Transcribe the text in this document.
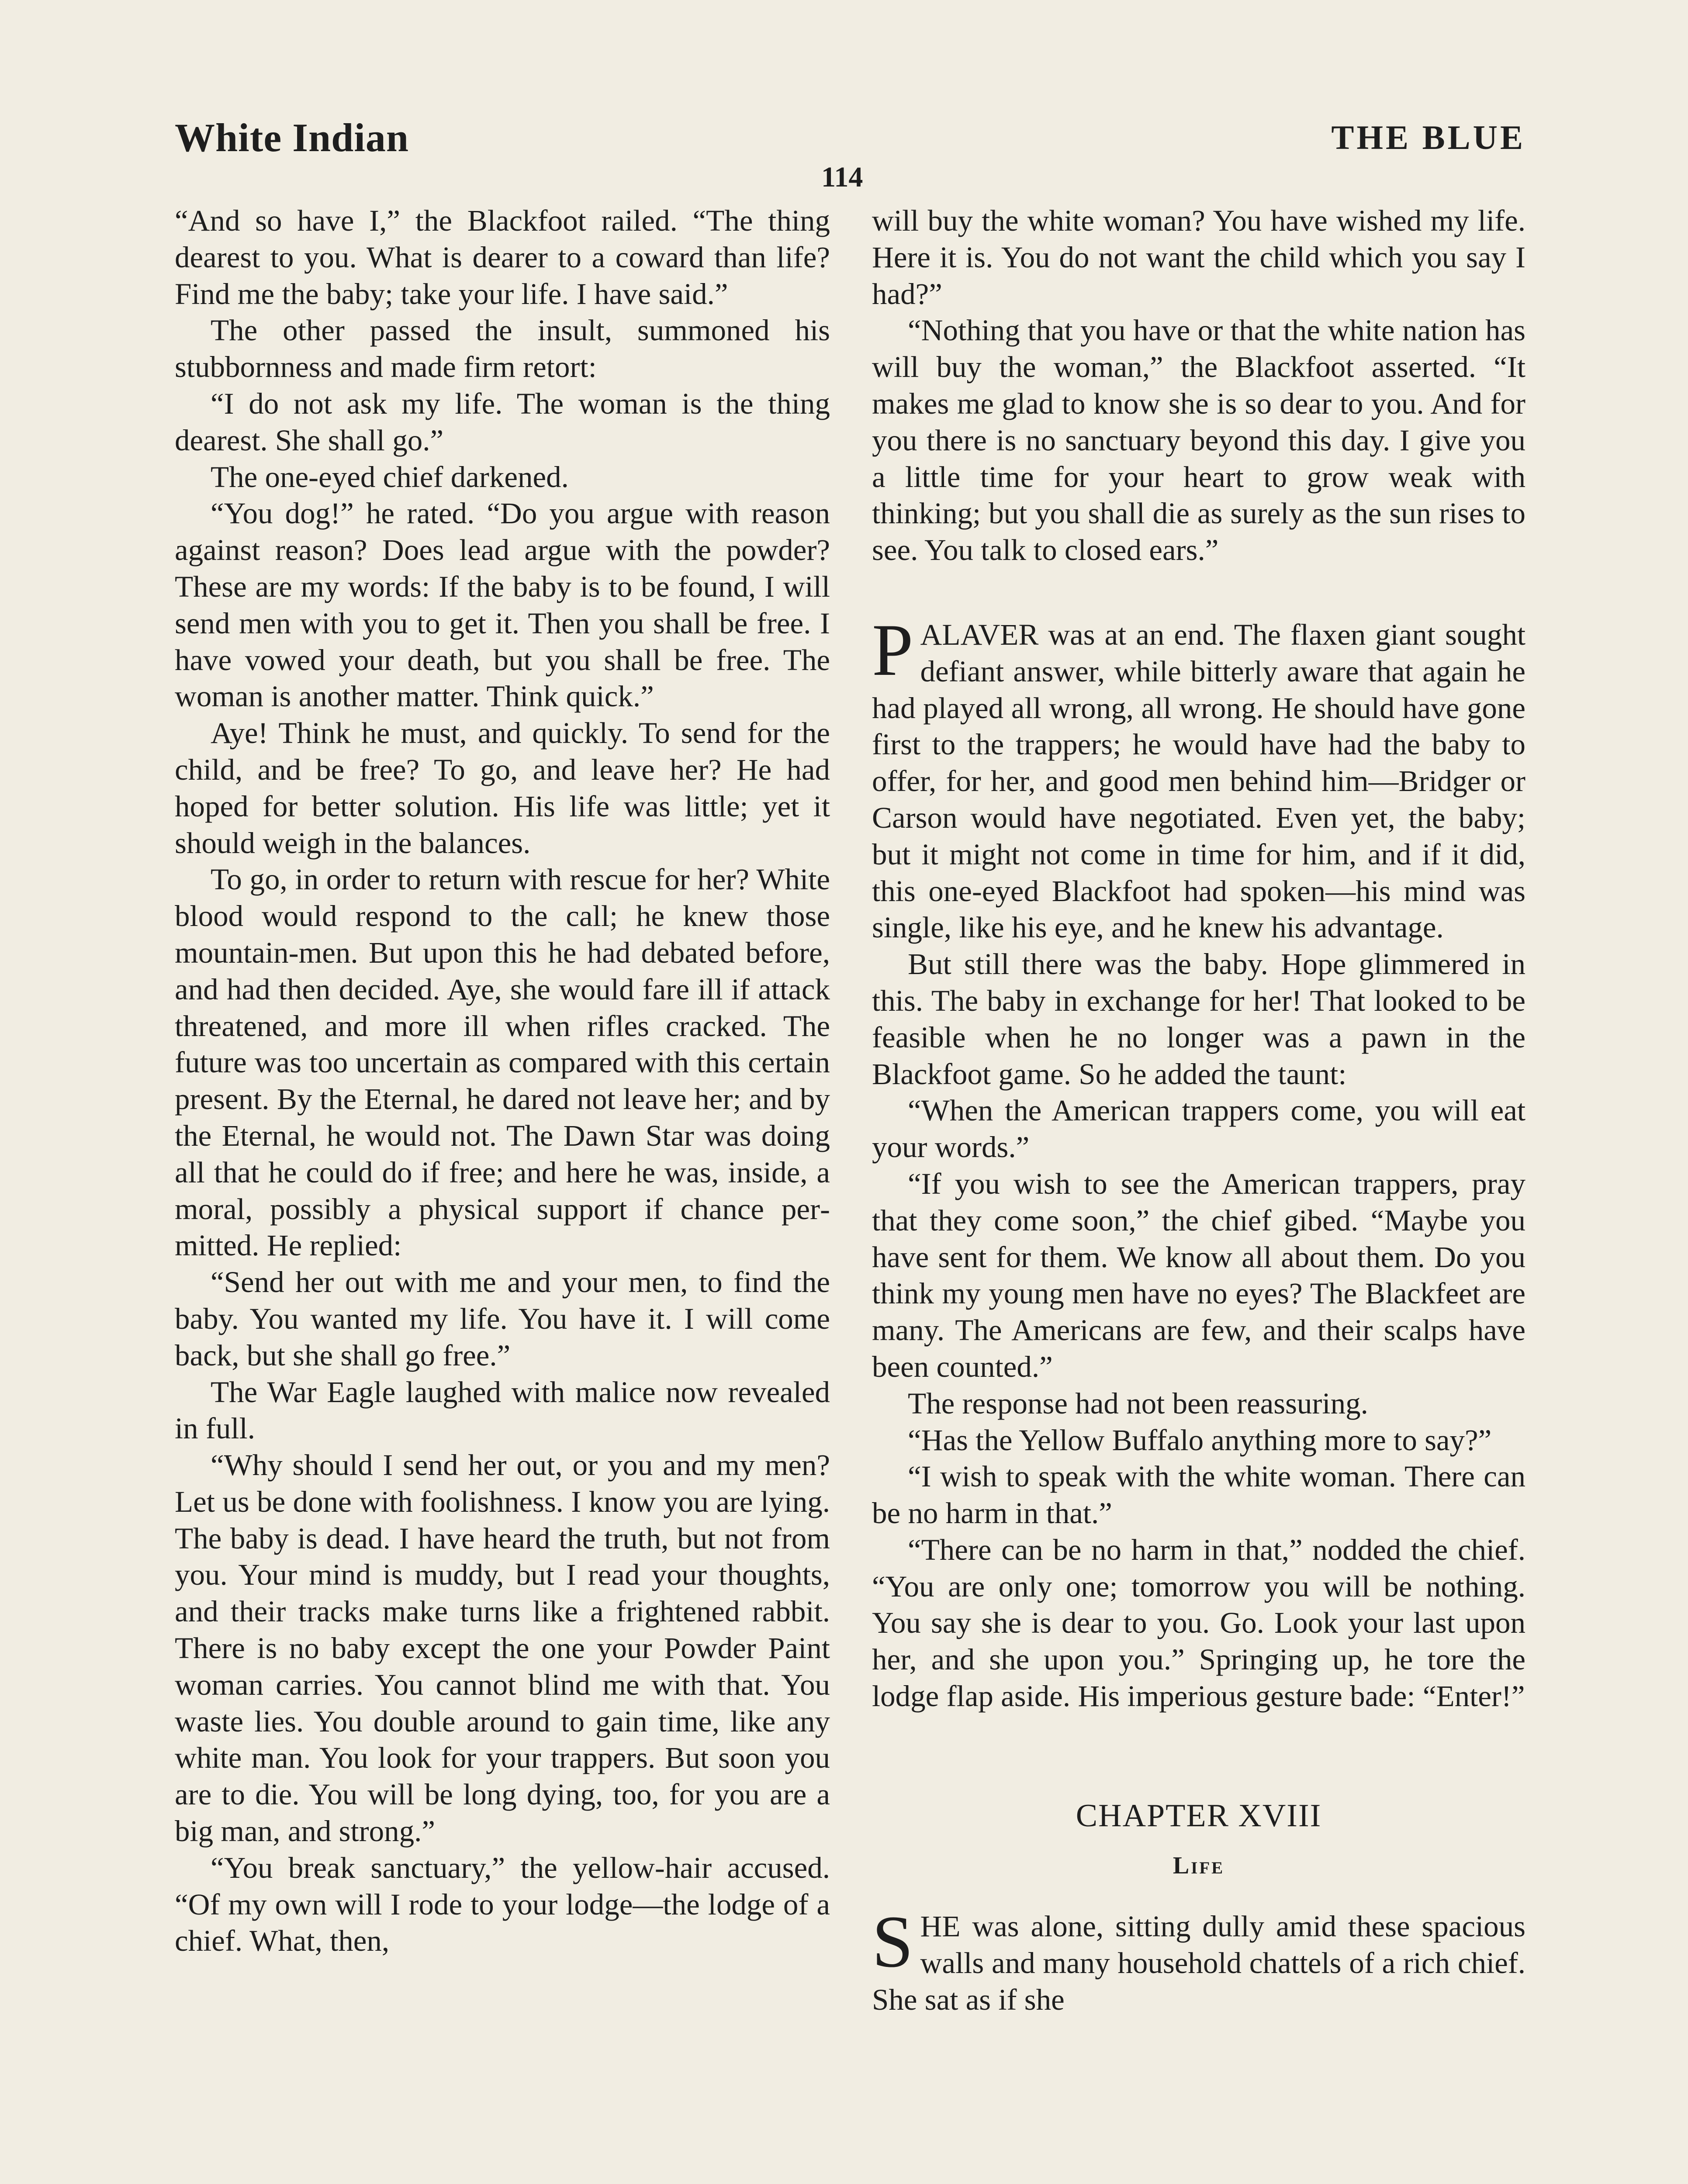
White Indian	THE BLUE
114

“And so have I,” the Blackfoot railed. “The thing dearest to you. What is dearer to a coward than life? Find me the baby; take your life. I have said.”

The other passed the insult, summoned his stubbornness and made firm retort:

“I do not ask my life. The woman is the thing dearest. She shall go.”

The one-eyed chief darkened.

“You dog!” he rated. “Do you argue with reason against reason? Does lead argue with the powder? These are my words: If the baby is to be found, I will send men with you to get it. Then you shall be free. I have vowed your death, but you shall be free. The woman is another matter. Think quick.”

Aye! Think he must, and quickly. To send for the child, and be free? To go, and leave her? He had hoped for better solution. His life was little; yet it should weigh in the balances.

To go, in order to return with rescue for her? White blood would respond to the call; he knew those mountain-men. But upon this he had debated before, and had then decided. Aye, she would fare ill if attack threatened, and more ill when rifles cracked. The future was too uncertain as compared with this certain present. By the Eternal, he dared not leave her; and by the Eternal, he would not. The Dawn Star was doing all that he could do if free; and here he was, inside, a moral, possibly a physical support if chance permitted. He replied:

“Send her out with me and your men, to find the baby. You wanted my life. You have it. I will come back, but she shall go free.”

The War Eagle laughed with malice now revealed in full.

“Why should I send her out, or you and my men? Let us be done with foolishness. I know you are lying. The baby is dead. I have heard the truth, but not from you. Your mind is muddy, but I read your thoughts, and their tracks make turns like a frightened rabbit. There is no baby except the one your Powder Paint woman carries. You cannot blind me with that. You waste lies. You double around to gain time, like any white man. You look for your trappers. But soon you are to die. You will be long dying, too, for you are a big man, and strong.”

“You break sanctuary,” the yellow-hair accused. “Of my own will I rode to your lodge—the lodge of a chief. What, then,

will buy the white woman? You have wished my life. Here it is. You do not want the child which you say I had?”

“Nothing that you have or that the white nation has will buy the woman,” the Blackfoot asserted. “It makes me glad to know she is so dear to you. And for you there is no sanctuary beyond this day. I give you a little time for your heart to grow weak with thinking; but you shall die as surely as the sun rises to see. You talk to closed ears.”

PALAVER was at an end. The flaxen giant sought defiant answer, while bitterly aware that again he had played all wrong, all wrong. He should have gone first to the trappers; he would have had the baby to offer, for her, and good men behind him—Bridger or Carson would have negotiated. Even yet, the baby; but it might not come in time for him, and if it did, this one-eyed Blackfoot had spoken—his mind was single, like his eye, and he knew his advantage.

But still there was the baby. Hope glimmered in this. The baby in exchange for her! That looked to be feasible when he no longer was a pawn in the Blackfoot game. So he added the taunt:

“When the American trappers come, you will eat your words.”

“If you wish to see the American trappers, pray that they come soon,” the chief gibed. “Maybe you have sent for them. We know all about them. Do you think my young men have no eyes? The Blackfeet are many. The Americans are few, and their scalps have been counted.”

The response had not been reassuring.

“Has the Yellow Buffalo anything more to say?”

“I wish to speak with the white woman. There can be no harm in that.”

“There can be no harm in that,” nodded the chief. “You are only one; tomorrow you will be nothing. You say she is dear to you. Go. Look your last upon her, and she upon you.” Springing up, he tore the lodge flap aside. His imperious gesture bade: “Enter!”

CHAPTER XVIII
Life

SHE was alone, sitting dully amid these spacious walls and many household chattels of a rich chief. She sat as if she
